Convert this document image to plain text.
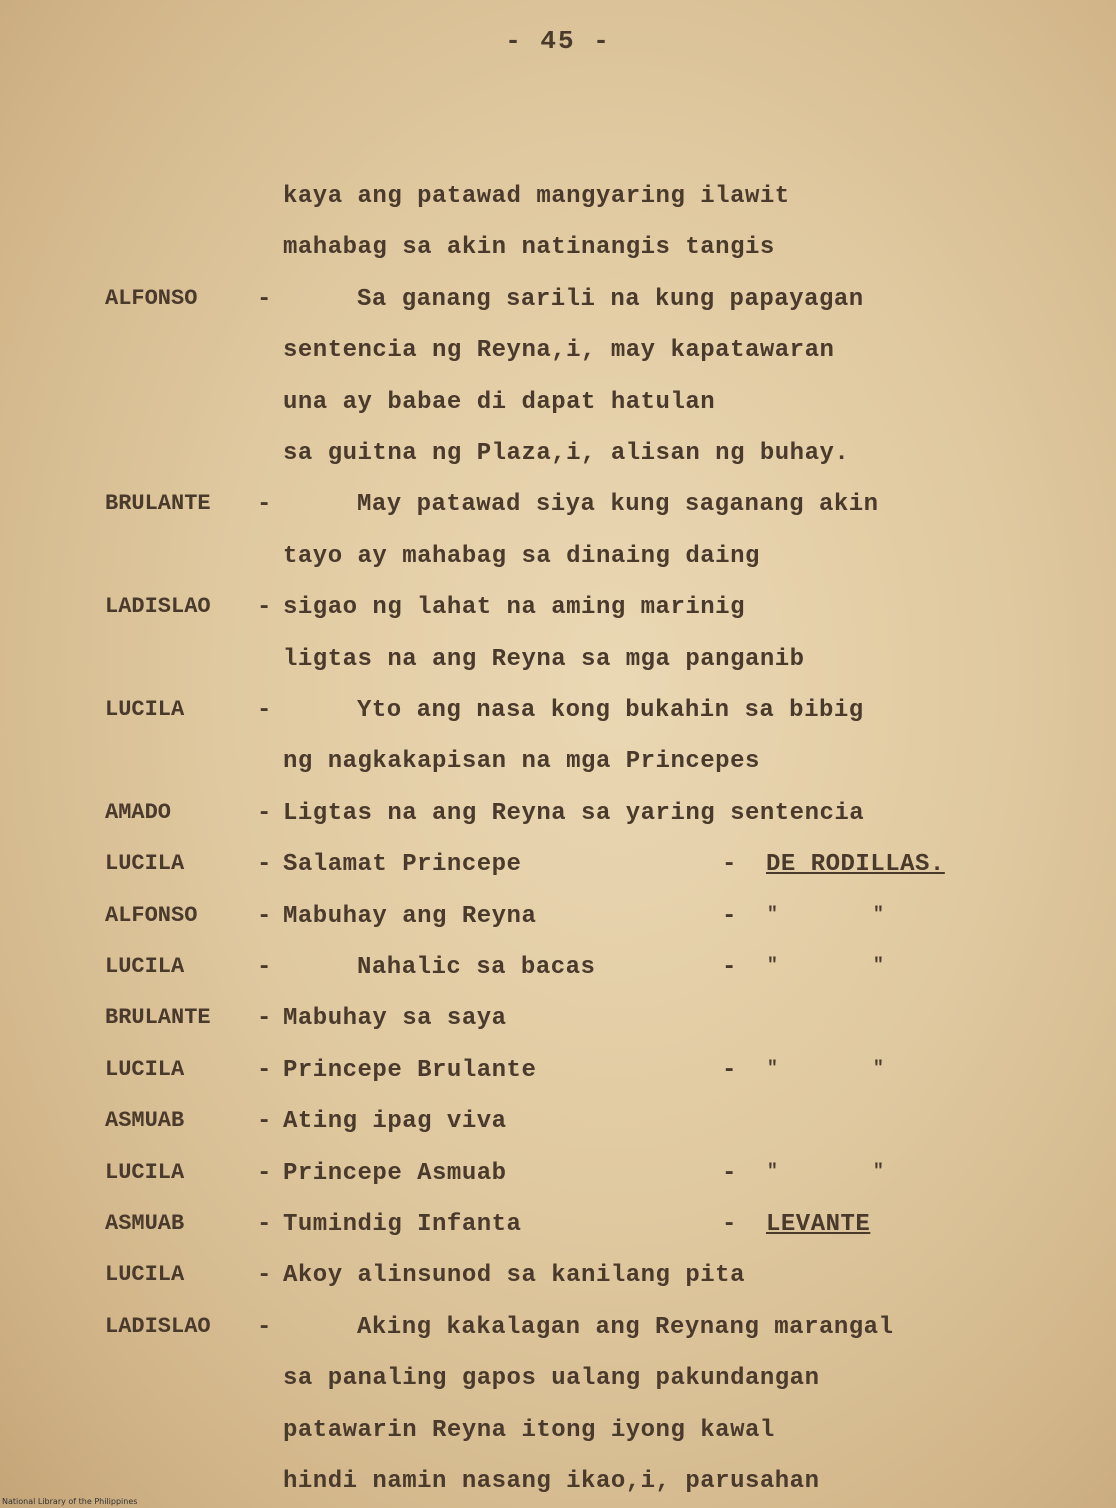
- 45 -
kaya ang patawad mangyaring ilawit
mahabag sa akin natinangis tangis
ALFONSO -	Sa ganang sarili na kung papayagan
sentencia ng Reyna,i, may kapatawaran
una ay babae di dapat hatulan
sa guitna ng Plaza,i, alisan ng buhay.
BRULANTE -	May patawad siya kung saganang akin
tayo ay mahabag sa dinaing daing
LADISLAO - sigao ng lahat na aming marinig
ligtas na ang Reyna sa mga panganib
LUCILA	-	Yto ang nasa kong bukahin sa bibig
ng nagkakapisan na mga Princepes
AMADO	- Ligtas na ang Reyna sa yaring sentencia
LUCILA	- Salamat Princepe	- DE RODILLAS.
ALFONSO - Mabuhay ang Reyna	- "	"
LUCILA	-	Nahalic sa bacas	- "	"
BRULANTE - Mabuhay sa saya
LUCILA	- Princepe Brulante	- "	"
ASMUAB	- Ating ipag viva
LUCILA	- Princepe Asmuab	- "	"
ASMUAB	- Tumindig Infanta	- LEVANTE
LUCILA	- Akoy alinsunod sa kanilang pita
LADISLAO -	Aking kakalagan ang Reynang marangal
sa panaling gapos ualang pakundangan
patawarin Reyna itong iyong kawal
hindi namin nasang ikao,i, parusahan
National Library of the Philippines
